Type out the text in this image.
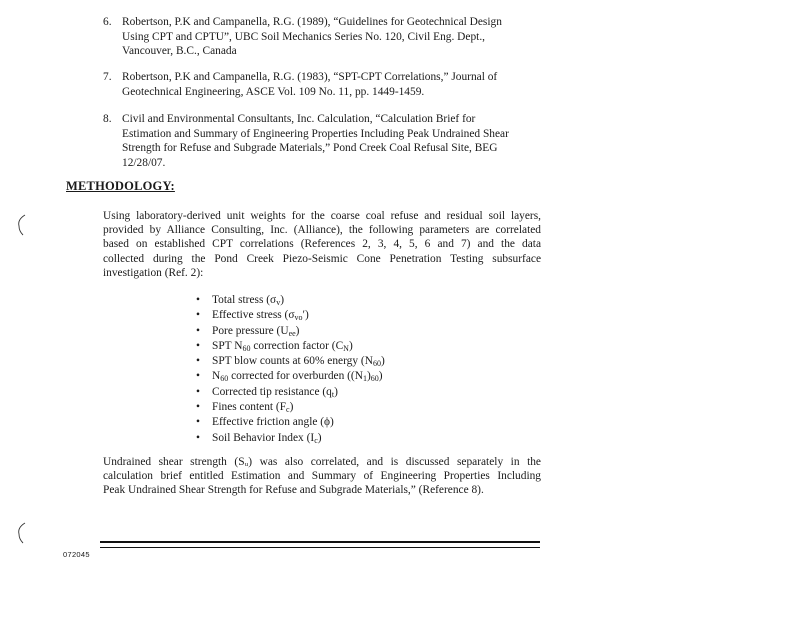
6. Robertson, P.K and Campanella, R.G. (1989), “Guidelines for Geotechnical Design
Using CPT and CPTU”, UBC Soil Mechanics Series No. 120, Civil Eng. Dept.,
Vancouver, B.C., Canada
7. Robertson, P.K and Campanella, R.G. (1983), “SPT-CPT Correlations,” Journal of
Geotechnical Engineering, ASCE Vol. 109 No. 11, pp. 1449-1459.
8. Civil and Environmental Consultants, Inc. Calculation, “Calculation Brief for
Estimation and Summary of Engineering Properties Including Peak Undrained Shear
Strength for Refuse and Subgrade Materials,” Pond Creek Coal Refusal Site, BEG
12/28/07.
METHODOLOGY:
Using laboratory-derived unit weights for the coarse coal refuse and residual soil layers,
provided by Alliance Consulting, Inc. (Alliance), the following parameters are correlated
based on established CPT correlations (References 2, 3, 4, 5, 6 and 7) and the data
collected during the Pond Creek Piezo-Seismic Cone Penetration Testing subsurface
investigation (Ref. 2):
• Total stress $(\sigma_v)$
• Effective stress $(\sigma_{vo}')$
• Pore pressure $(U_{ee})$
• SPT $N_{60}$ correction factor $(C_N)$
• SPT blow counts at 60% energy $(N_{60})$
• $N_{60}$ corrected for overburden $((N_1)_{60})$
• Corrected tip resistance $(q_t)$
• Fines content $(F_c)$
• Effective friction angle (ϕ)
• Soil Behavior Index $(I_c)$
Undrained shear strength (Sᵤ) was also correlated, and is discussed separately in the
calculation brief entitled Estimation and Summary of Engineering Properties Including
Peak Undrained Shear Strength for Refuse and Subgrade Materials,” (Reference 8).
072045
